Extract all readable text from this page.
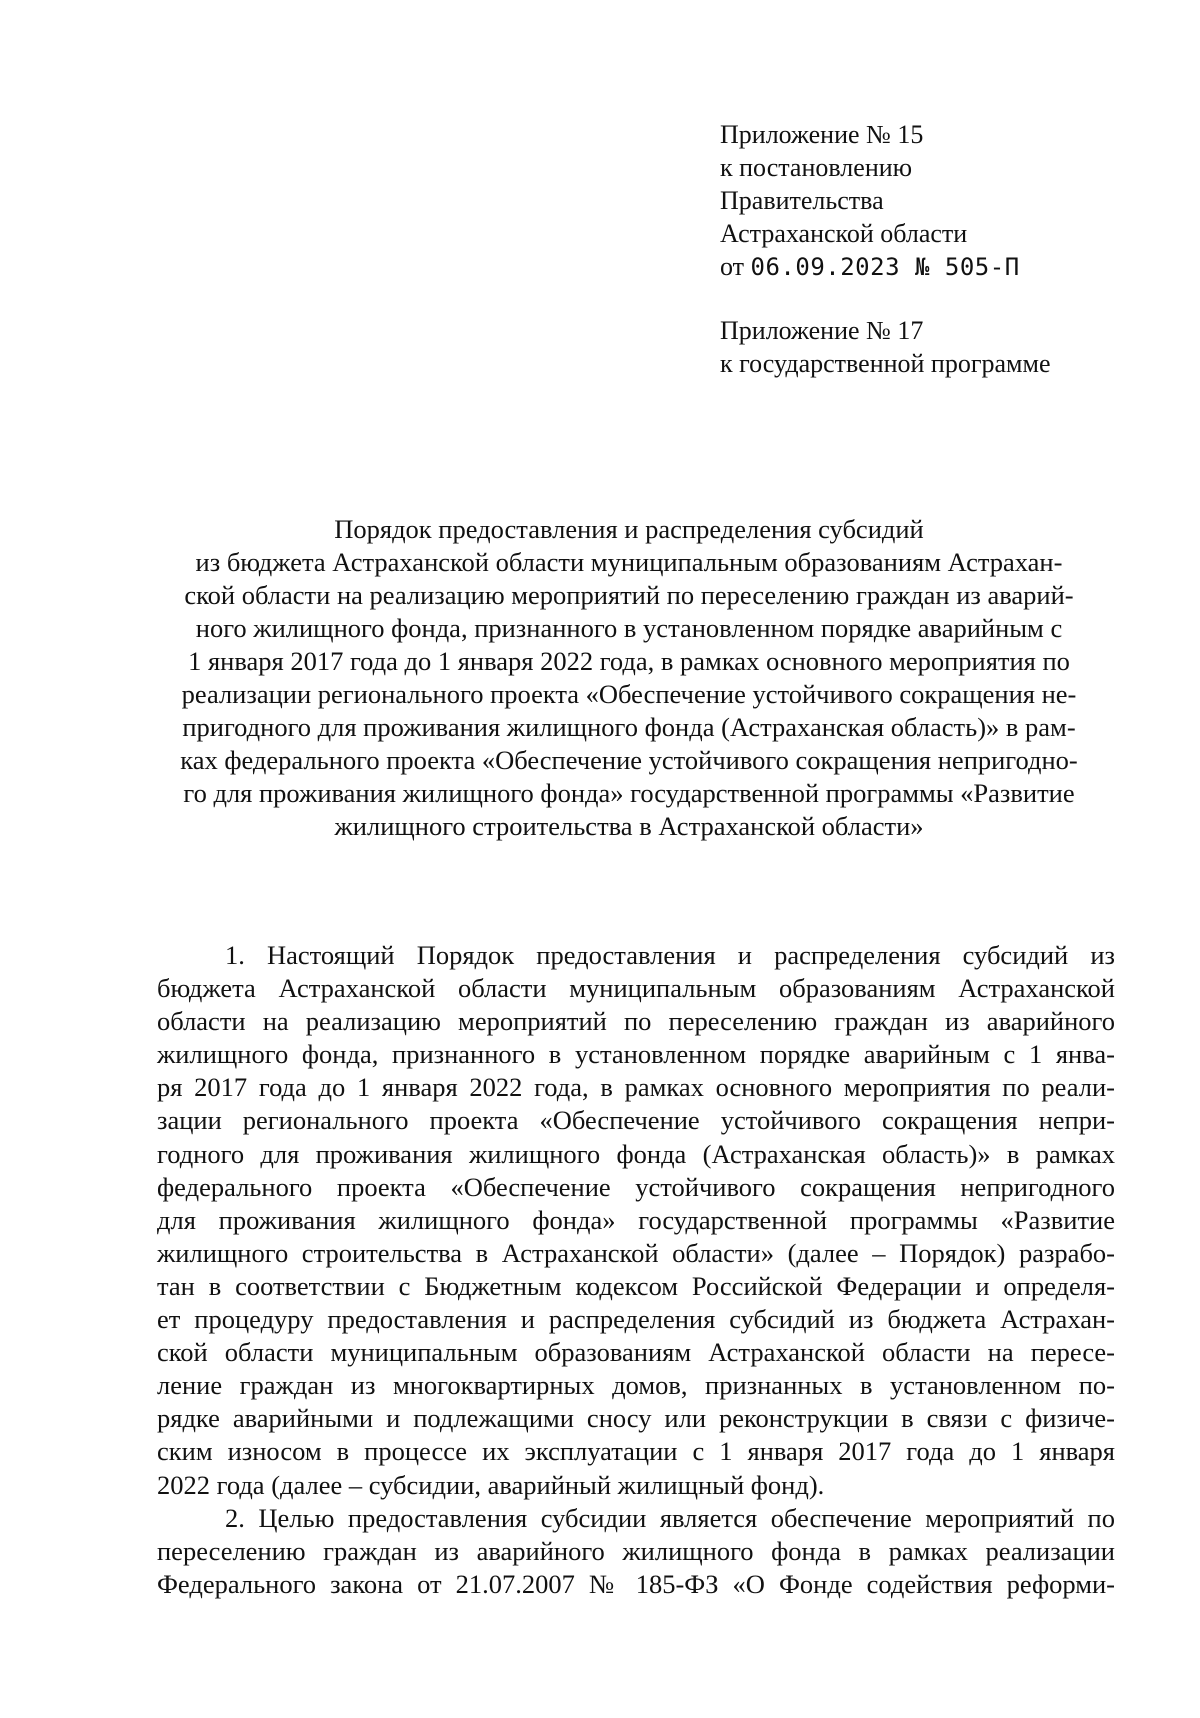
Приложение № 15
к постановлению
Правительства
Астраханской области
от 06.09.2023 № 505-П
Приложение № 17
к государственной программе
Порядок предоставления и распределения субсидий
из бюджета Астраханской области муниципальным образованиям Астрахан-
ской области на реализацию мероприятий по переселению граждан из аварий-
ного жилищного фонда, признанного в установленном порядке аварийным с
1 января 2017 года до 1 января 2022 года, в рамках основного мероприятия по
реализации регионального проекта «Обеспечение устойчивого сокращения не-
пригодного для проживания жилищного фонда (Астраханская область)» в рам-
ках федерального проекта «Обеспечение устойчивого сокращения непригодно-
го для проживания жилищного фонда» государственной программы «Развитие
жилищного строительства в Астраханской области»
1. Настоящий Порядок предоставления и распределения субсидий из
бюджета Астраханской области муниципальным образованиям Астраханской
области на реализацию мероприятий по переселению граждан из аварийного
жилищного фонда, признанного в установленном порядке аварийным с 1 янва-
ря 2017 года до 1 января 2022 года, в рамках основного мероприятия по реали-
зации регионального проекта «Обеспечение устойчивого сокращения непри-
годного для проживания жилищного фонда (Астраханская область)» в рамках
федерального проекта «Обеспечение устойчивого сокращения непригодного
для проживания жилищного фонда» государственной программы «Развитие
жилищного строительства в Астраханской области» (далее – Порядок) разрабо-
тан в соответствии с Бюджетным кодексом Российской Федерации и определя-
ет процедуру предоставления и распределения субсидий из бюджета Астрахан-
ской области муниципальным образованиям Астраханской области на пересе-
ление граждан из многоквартирных домов, признанных в установленном по-
рядке аварийными и подлежащими сносу или реконструкции в связи с физиче-
ским износом в процессе их эксплуатации с 1 января 2017 года до 1 января
2022 года (далее – субсидии, аварийный жилищный фонд).
2. Целью предоставления субсидии является обеспечение мероприятий по
переселению граждан из аварийного жилищного фонда в рамках реализации
Федерального закона от 21.07.2007 № 185-ФЗ «О Фонде содействия реформи-
